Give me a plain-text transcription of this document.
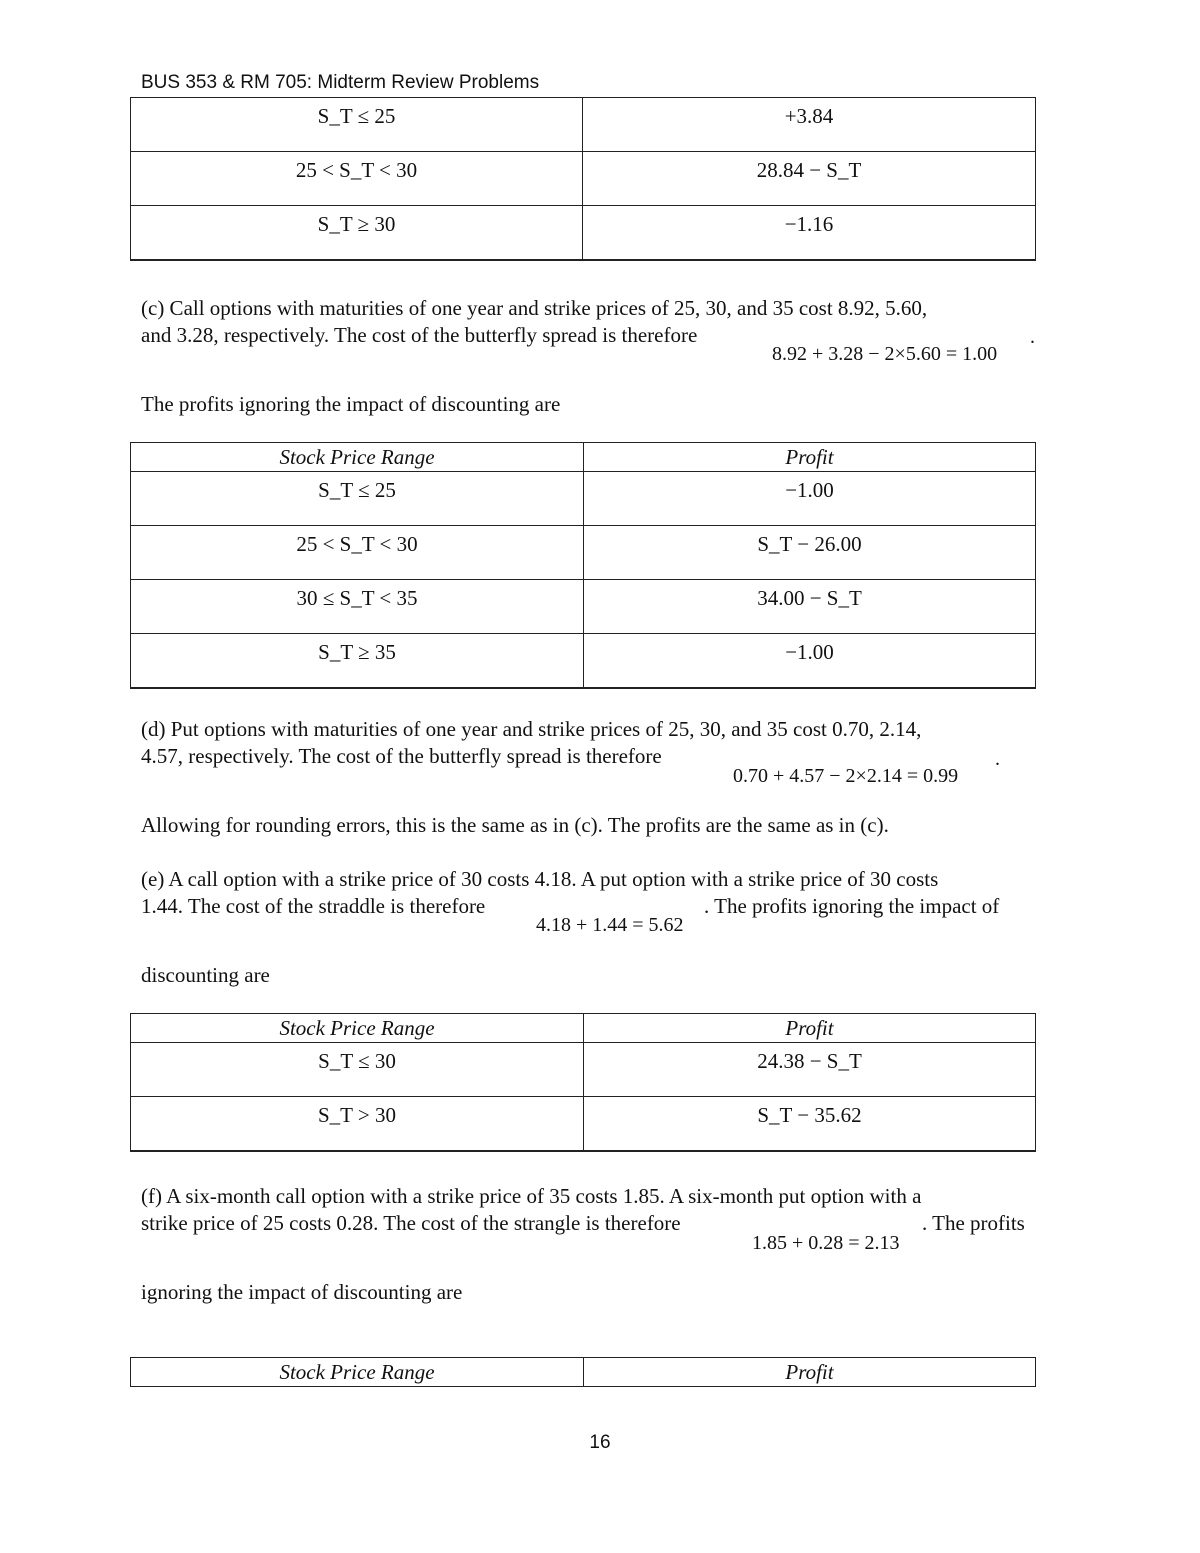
BUS 353 & RM 705: Midterm Review Problems
S_T ≤ 25	+3.84
25 < S_T < 30	28.84 − S_T
S_T ≥ 30	−1.16
(c) Call options with maturities of one year and strike prices of 25, 30, and 35 cost 8.92, 5.60,
and 3.28, respectively. The cost of the butterfly spread is therefore
8.92 + 3.28 − 2×5.60 = 1.00
.
The profits ignoring the impact of discounting are
Stock Price Range	Profit
S_T ≤ 25	−1.00
25 < S_T < 30	S_T − 26.00
30 ≤ S_T < 35	34.00 − S_T
S_T ≥ 35	−1.00
(d) Put options with maturities of one year and strike prices of 25, 30, and 35 cost 0.70, 2.14,
4.57, respectively. The cost of the butterfly spread is therefore
0.70 + 4.57 − 2×2.14 = 0.99
.
Allowing for rounding errors, this is the same as in (c). The profits are the same as in (c).
(e) A call option with a strike price of 30 costs 4.18. A put option with a strike price of 30 costs
1.44. The cost of the straddle is therefore	. The profits ignoring the impact of
4.18 + 1.44 = 5.62
discounting are
Stock Price Range	Profit
S_T ≤ 30	24.38 − S_T
S_T > 30	S_T − 35.62
(f) A six-month call option with a strike price of 35 costs 1.85. A six-month put option with a
strike price of 25 costs 0.28. The cost of the strangle is therefore	. The profits
1.85 + 0.28 = 2.13
ignoring the impact of discounting are
Stock Price Range	Profit
16
